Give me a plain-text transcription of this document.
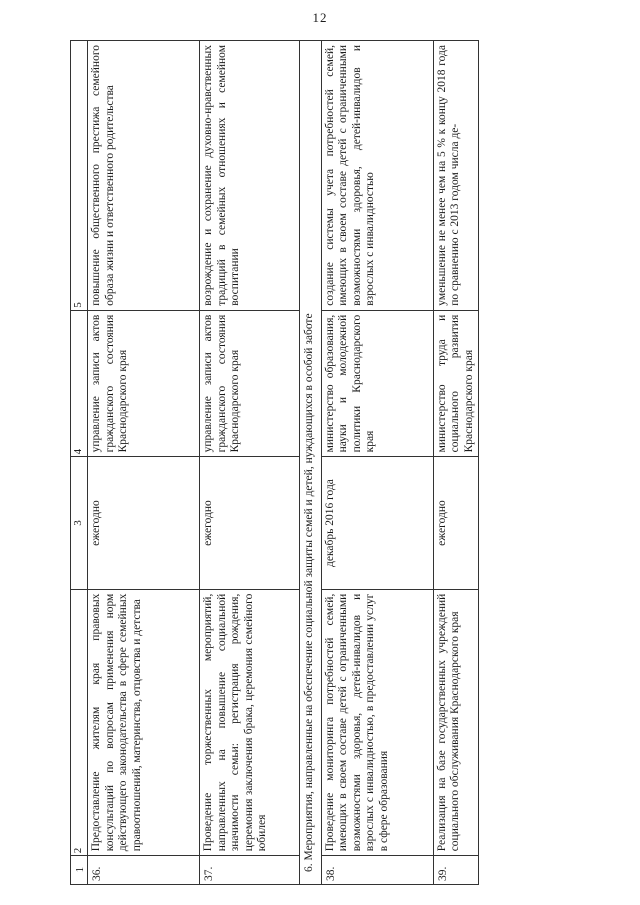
12
1	2	3	4	5
36.	Предоставление жителям края правовых консультаций по вопросам применения норм действующего законодательства в сфере семейных правоотношений, материнства, отцовства и детства	ежегодно	управление записи актов гражданского состояния Краснодарского края	повышение общественного престижа семейного образа жизни и ответственного родительства
37.	Проведение торжественных мероприятий, направленных на повышение социальной значимости семьи: регистрация рождения, церемония заключения брака, церемония семейного юбилея	ежегодно	управление записи актов гражданского состояния Краснодарского края	возрождение и сохранение духовно-нравственных традиций в семейных отношениях и семейном воспитании
6. Мероприятия, направленные на обеспечение социальной защиты семей и детей, нуждающихся в особой заботе				
38.	Проведение мониторинга потребностей семей, имеющих в своем составе детей с ограниченными возможностями здоровья, детей-инвалидов и взрослых с инвалидностью, в предоставлении услуг в сфере образования	декабрь 2016 года	министерство образования, науки и молодежной политики Краснодарского края	создание системы учета потребностей семей, имеющих в своем составе детей с ограниченными возможностями здоровья, детей-инвалидов и взрослых с инвалидностью
39.	Реализация на базе государственных учреждений социального обслуживания Краснодарского края	ежегодно	министерство труда и социального развития Краснодарского края	уменьшение не менее чем на 5 % к концу 2018 года по сравнению с 2013 годом числа де-
